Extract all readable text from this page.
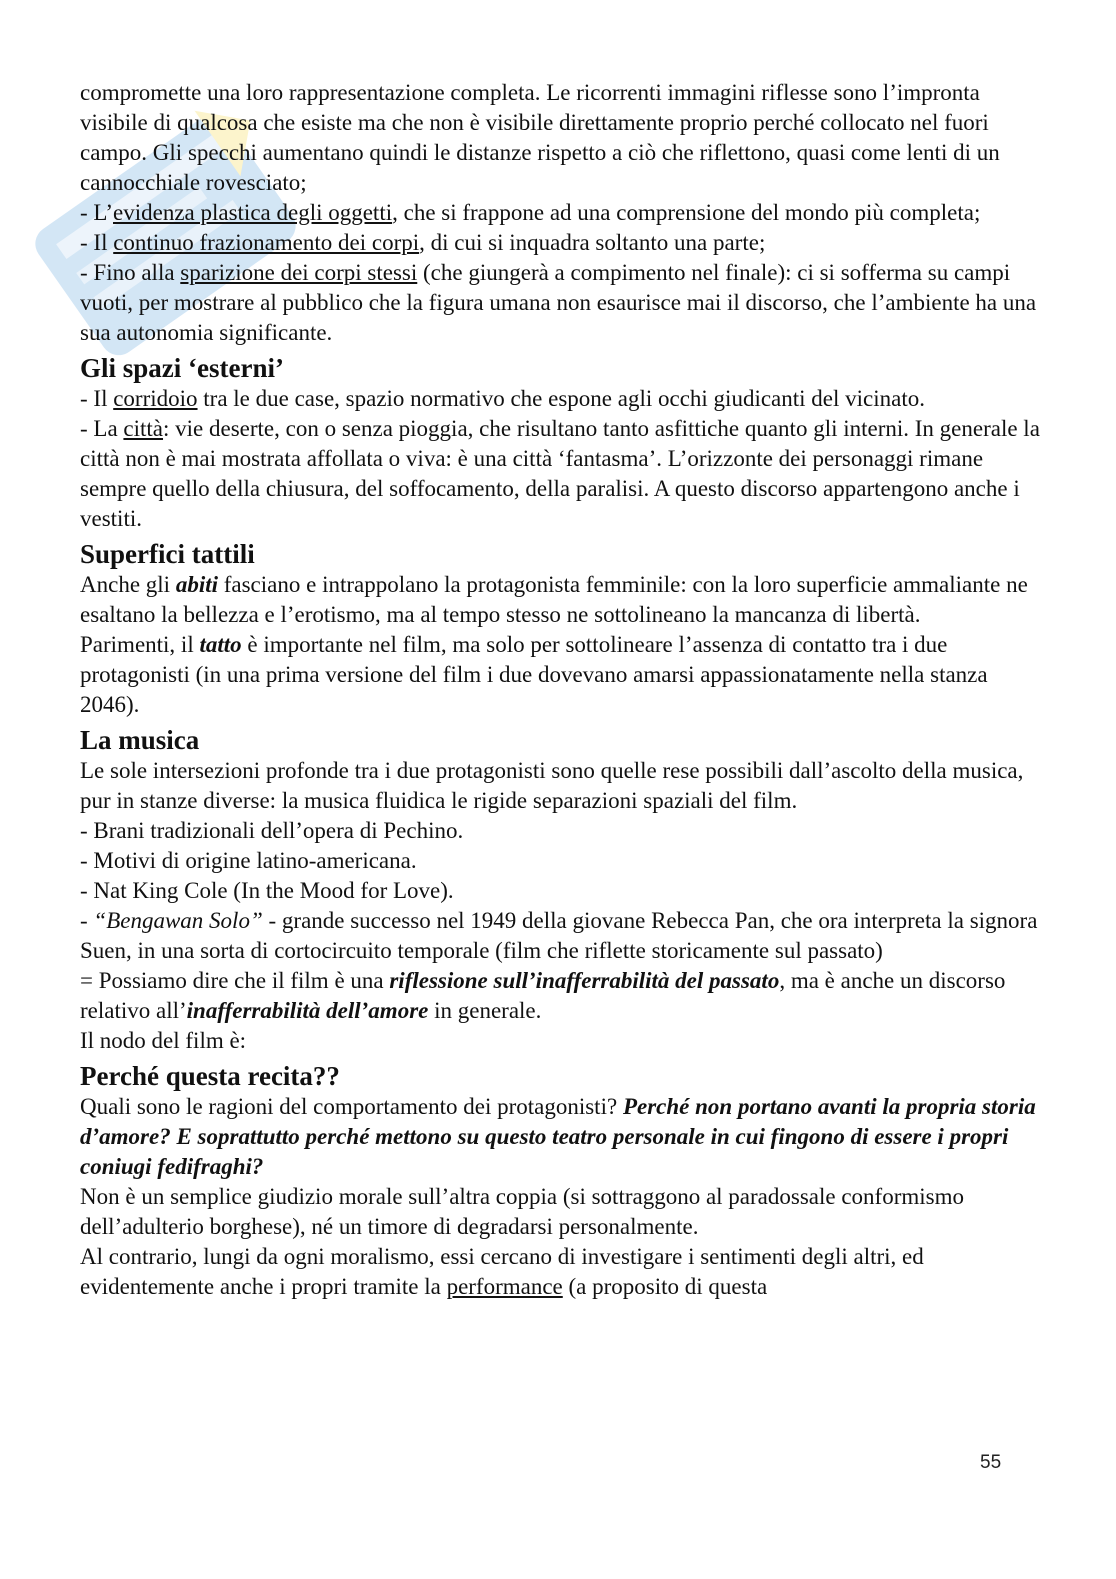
compromette una loro rappresentazione completa. Le ricorrenti immagini riflesse sono l’impronta visibile di qualcosa che esiste ma che non è visibile direttamente proprio perché collocato nel fuori campo. Gli specchi aumentano quindi le distanze rispetto a ciò che riflettono, quasi come lenti di un cannocchiale rovesciato;

- L’evidenza plastica degli oggetti, che si frappone ad una comprensione del mondo più completa;

- Il continuo frazionamento dei corpi, di cui si inquadra soltanto una parte;

- Fino alla sparizione dei corpi stessi (che giungerà a compimento nel finale): ci si sofferma su campi vuoti, per mostrare al pubblico che la figura umana non esaurisce mai il discorso, che l’ambiente ha una sua autonomia significante.

Gli spazi ‘esterni’

- Il corridoio tra le due case, spazio normativo che espone agli occhi giudicanti del vicinato.

- La città: vie deserte, con o senza pioggia, che risultano tanto asfittiche quanto gli interni. In generale la città non è mai mostrata affollata o viva: è una città ‘fantasma’. L’orizzonte dei personaggi rimane sempre quello della chiusura, del soffocamento, della paralisi. A questo discorso appartengono anche i vestiti.

Superfici tattili

Anche gli abiti fasciano e intrappolano la protagonista femminile: con la loro superficie ammaliante ne esaltano la bellezza e l’erotismo, ma al tempo stesso ne sottolineano la mancanza di libertà.

Parimenti, il tatto è importante nel film, ma solo per sottolineare l’assenza di contatto tra i due protagonisti (in una prima versione del film i due dovevano amarsi appassionatamente nella stanza 2046).

La musica

Le sole intersezioni profonde tra i due protagonisti sono quelle rese possibili dall’ascolto della musica, pur in stanze diverse: la musica fluidica le rigide separazioni spaziali del film.

- Brani tradizionali dell’opera di Pechino.

- Motivi di origine latino-americana.

- Nat King Cole (In the Mood for Love).

- “Bengawan Solo” - grande successo nel 1949 della giovane Rebecca Pan, che ora interpreta la signora Suen, in una sorta di cortocircuito temporale (film che riflette storicamente sul passato)

= Possiamo dire che il film è una riflessione sull’inafferrabilità del passato, ma è anche un discorso relativo all’inafferrabilità dell’amore in generale.

Il nodo del film è:

Perché questa recita??

Quali sono le ragioni del comportamento dei protagonisti? Perché non portano avanti la propria storia d’amore? E soprattutto perché mettono su questo teatro personale in cui fingono di essere i propri coniugi fedifraghi?

Non è un semplice giudizio morale sull’altra coppia (si sottraggono al paradossale conformismo dell’adulterio borghese), né un timore di degradarsi personalmente.

Al contrario, lungi da ogni moralismo, essi cercano di investigare i sentimenti degli altri, ed evidentemente anche i propri tramite la performance (a proposito di questa

55
